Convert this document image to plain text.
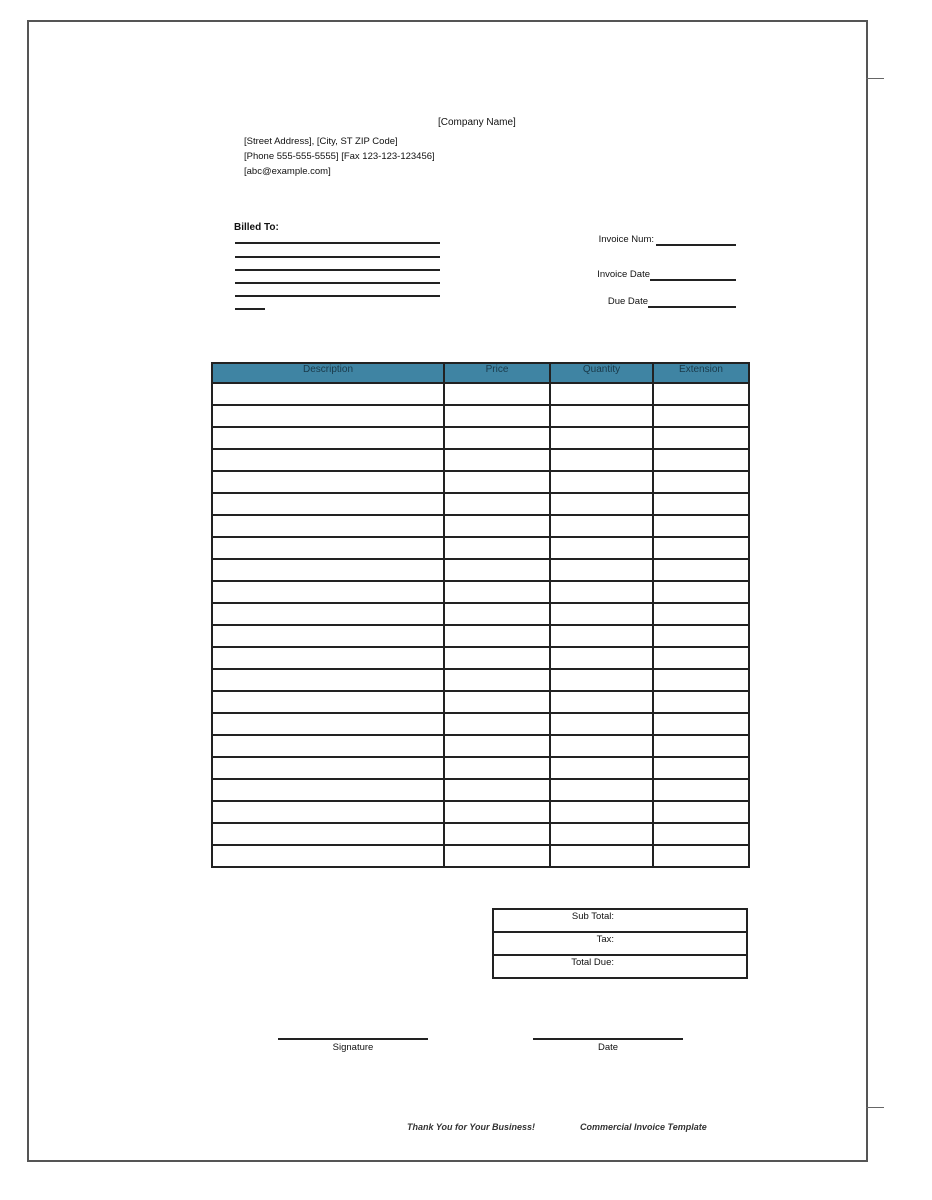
[Company Name]
[Street Address], [City, ST ZIP Code]
[Phone 555-555-5555] [Fax 123-123-123456]
[abc@example.com]
Billed To:
Invoice Num:
Invoice Date
Due Date
Description	Price	Quantity	Extension

Sub Total:
Tax:
Total Due:
Signature	Date
Thank You for Your Business!	Commercial Invoice Template
